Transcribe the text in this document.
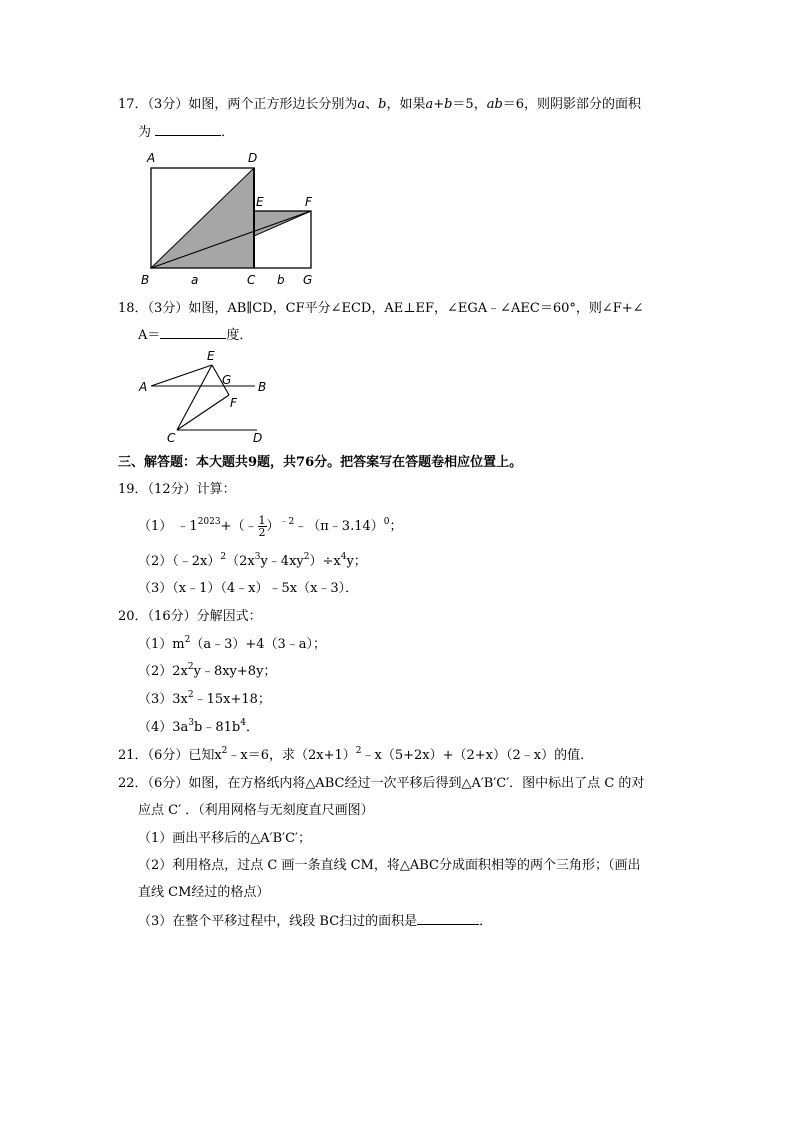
17．（3分）如图，两个正方形边长分别为a、b，如果a+b＝5，ab＝6，则阴影部分的面积
为	．
A	D
E	F
B	a	C b G
18．（3分）如图，AB∥CD，CF平分∠ECD，AE⊥EF，∠EGA﹣∠AEC＝60°，则∠F+∠
A＝	度．
E
A	G B
F
C	D
三、解答题：本大题共9题，共76分。把答案写在答题卷相应位置上。
19．（12分）计算：
（1） $﹣1^{2023}+(﹣ \frac{1}{2}$ ）$^{﹣2}$﹣（π﹣3.14）$^0$；
$(2)(﹣2x)^2(2x^3y﹣4xy^2)\div x^4y$；
（3）（x﹣1）（4﹣x）﹣5x（x﹣3）．
20．（16分）分解因式：
$(1)m^2(a﹣3)+4(3﹣a)$；
$(2)2x^2y﹣8xy+8y$；
$(3)3x^2﹣15x+18$；
$(4)3a^3b﹣81b^4$．
21．（6分）已知$x^2﹣x=6$，求$(2x+1)^2﹣x(5+2x)+(2+x)(2﹣x)$的值．
22．（6分）如图，在方格纸内将△ABC经过一次平移后得到△A′B′C′．图中标出了点 C 的对
应点 C′ ．（利用网格与无刻度直尺画图）
（1）画出平移后的△A′B′C′；
（2）利用格点，过点 C 画一条直线 CM，将△ABC分成面积相等的两个三角形；（画出
直线 CM经过的格点）
（3）在整个平移过程中，线段 BC扫过的面积是	．
